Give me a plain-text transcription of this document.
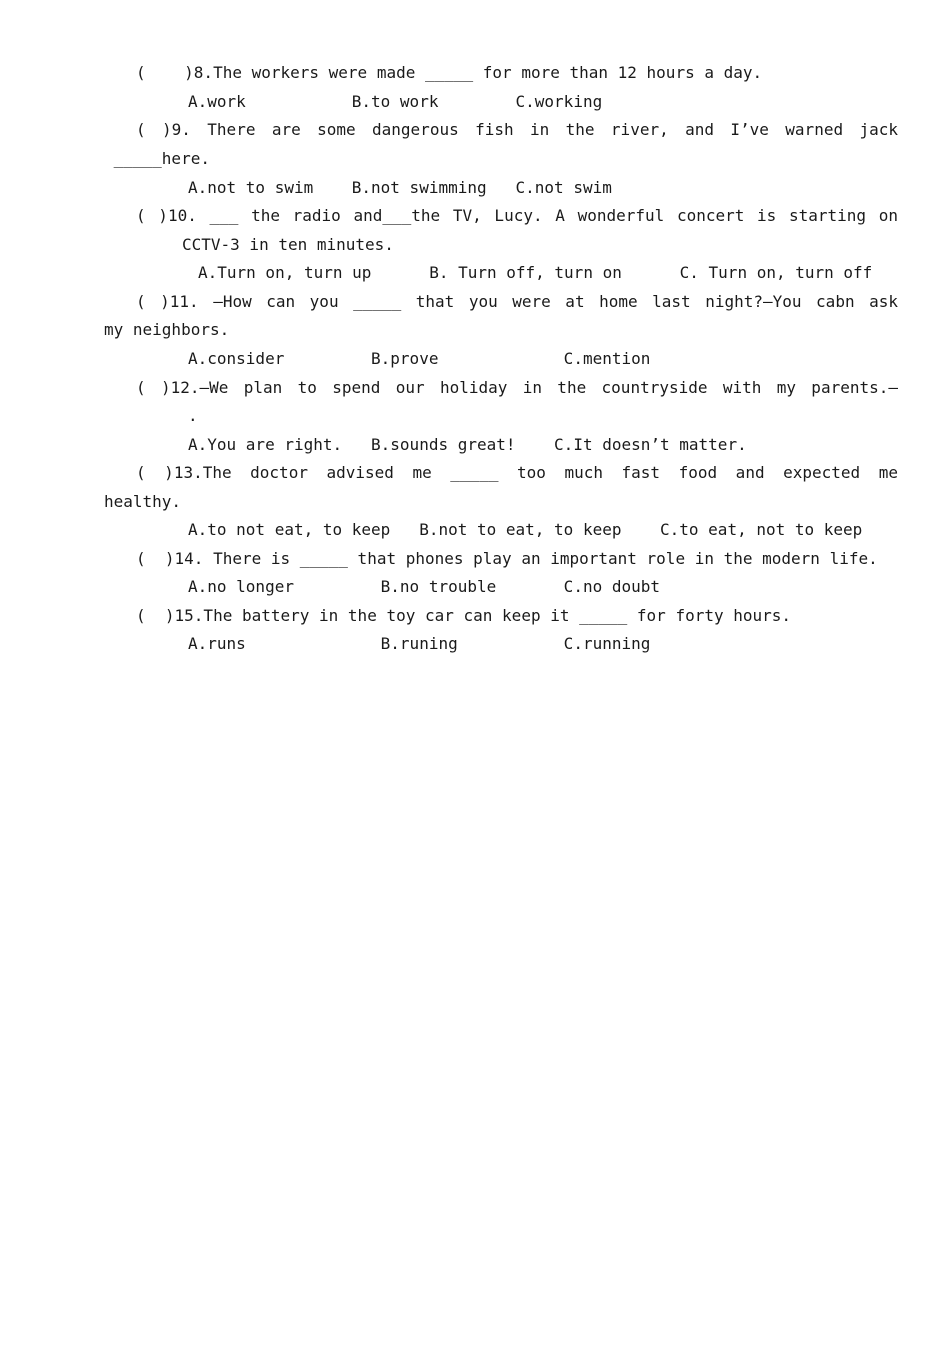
(    )8.The workers were made _____ for more than 12 hours a day.
A.work           B.to work        C.working
( )9. There are some dangerous fish in the river, and I’ve warned jack
_____here.
A.not to swim    B.not swimming   C.not swim
( )10. ___ the radio and___the TV, Lucy. A wonderful concert is starting on
CCTV-3 in ten minutes.
A.Turn on, turn up      B. Turn off, turn on      C. Turn on, turn off
( )11. —How can you _____ that you were at home last night?—You cabn ask
my neighbors.
A.consider         B.prove             C.mention
( )12.—We plan to spend our holiday in the countryside with my parents.—
.
A.You are right.   B.sounds great!    C.It doesn’t matter.
( )13.The doctor advised me _____ too much fast food and expected me
healthy.
A.to not eat, to keep   B.not to eat, to keep    C.to eat, not to keep
(  )14. There is _____ that phones play an important role in the modern life.
A.no longer         B.no trouble       C.no doubt
(  )15.The battery in the toy car can keep it _____ for forty hours.
A.runs              B.runing           C.running
